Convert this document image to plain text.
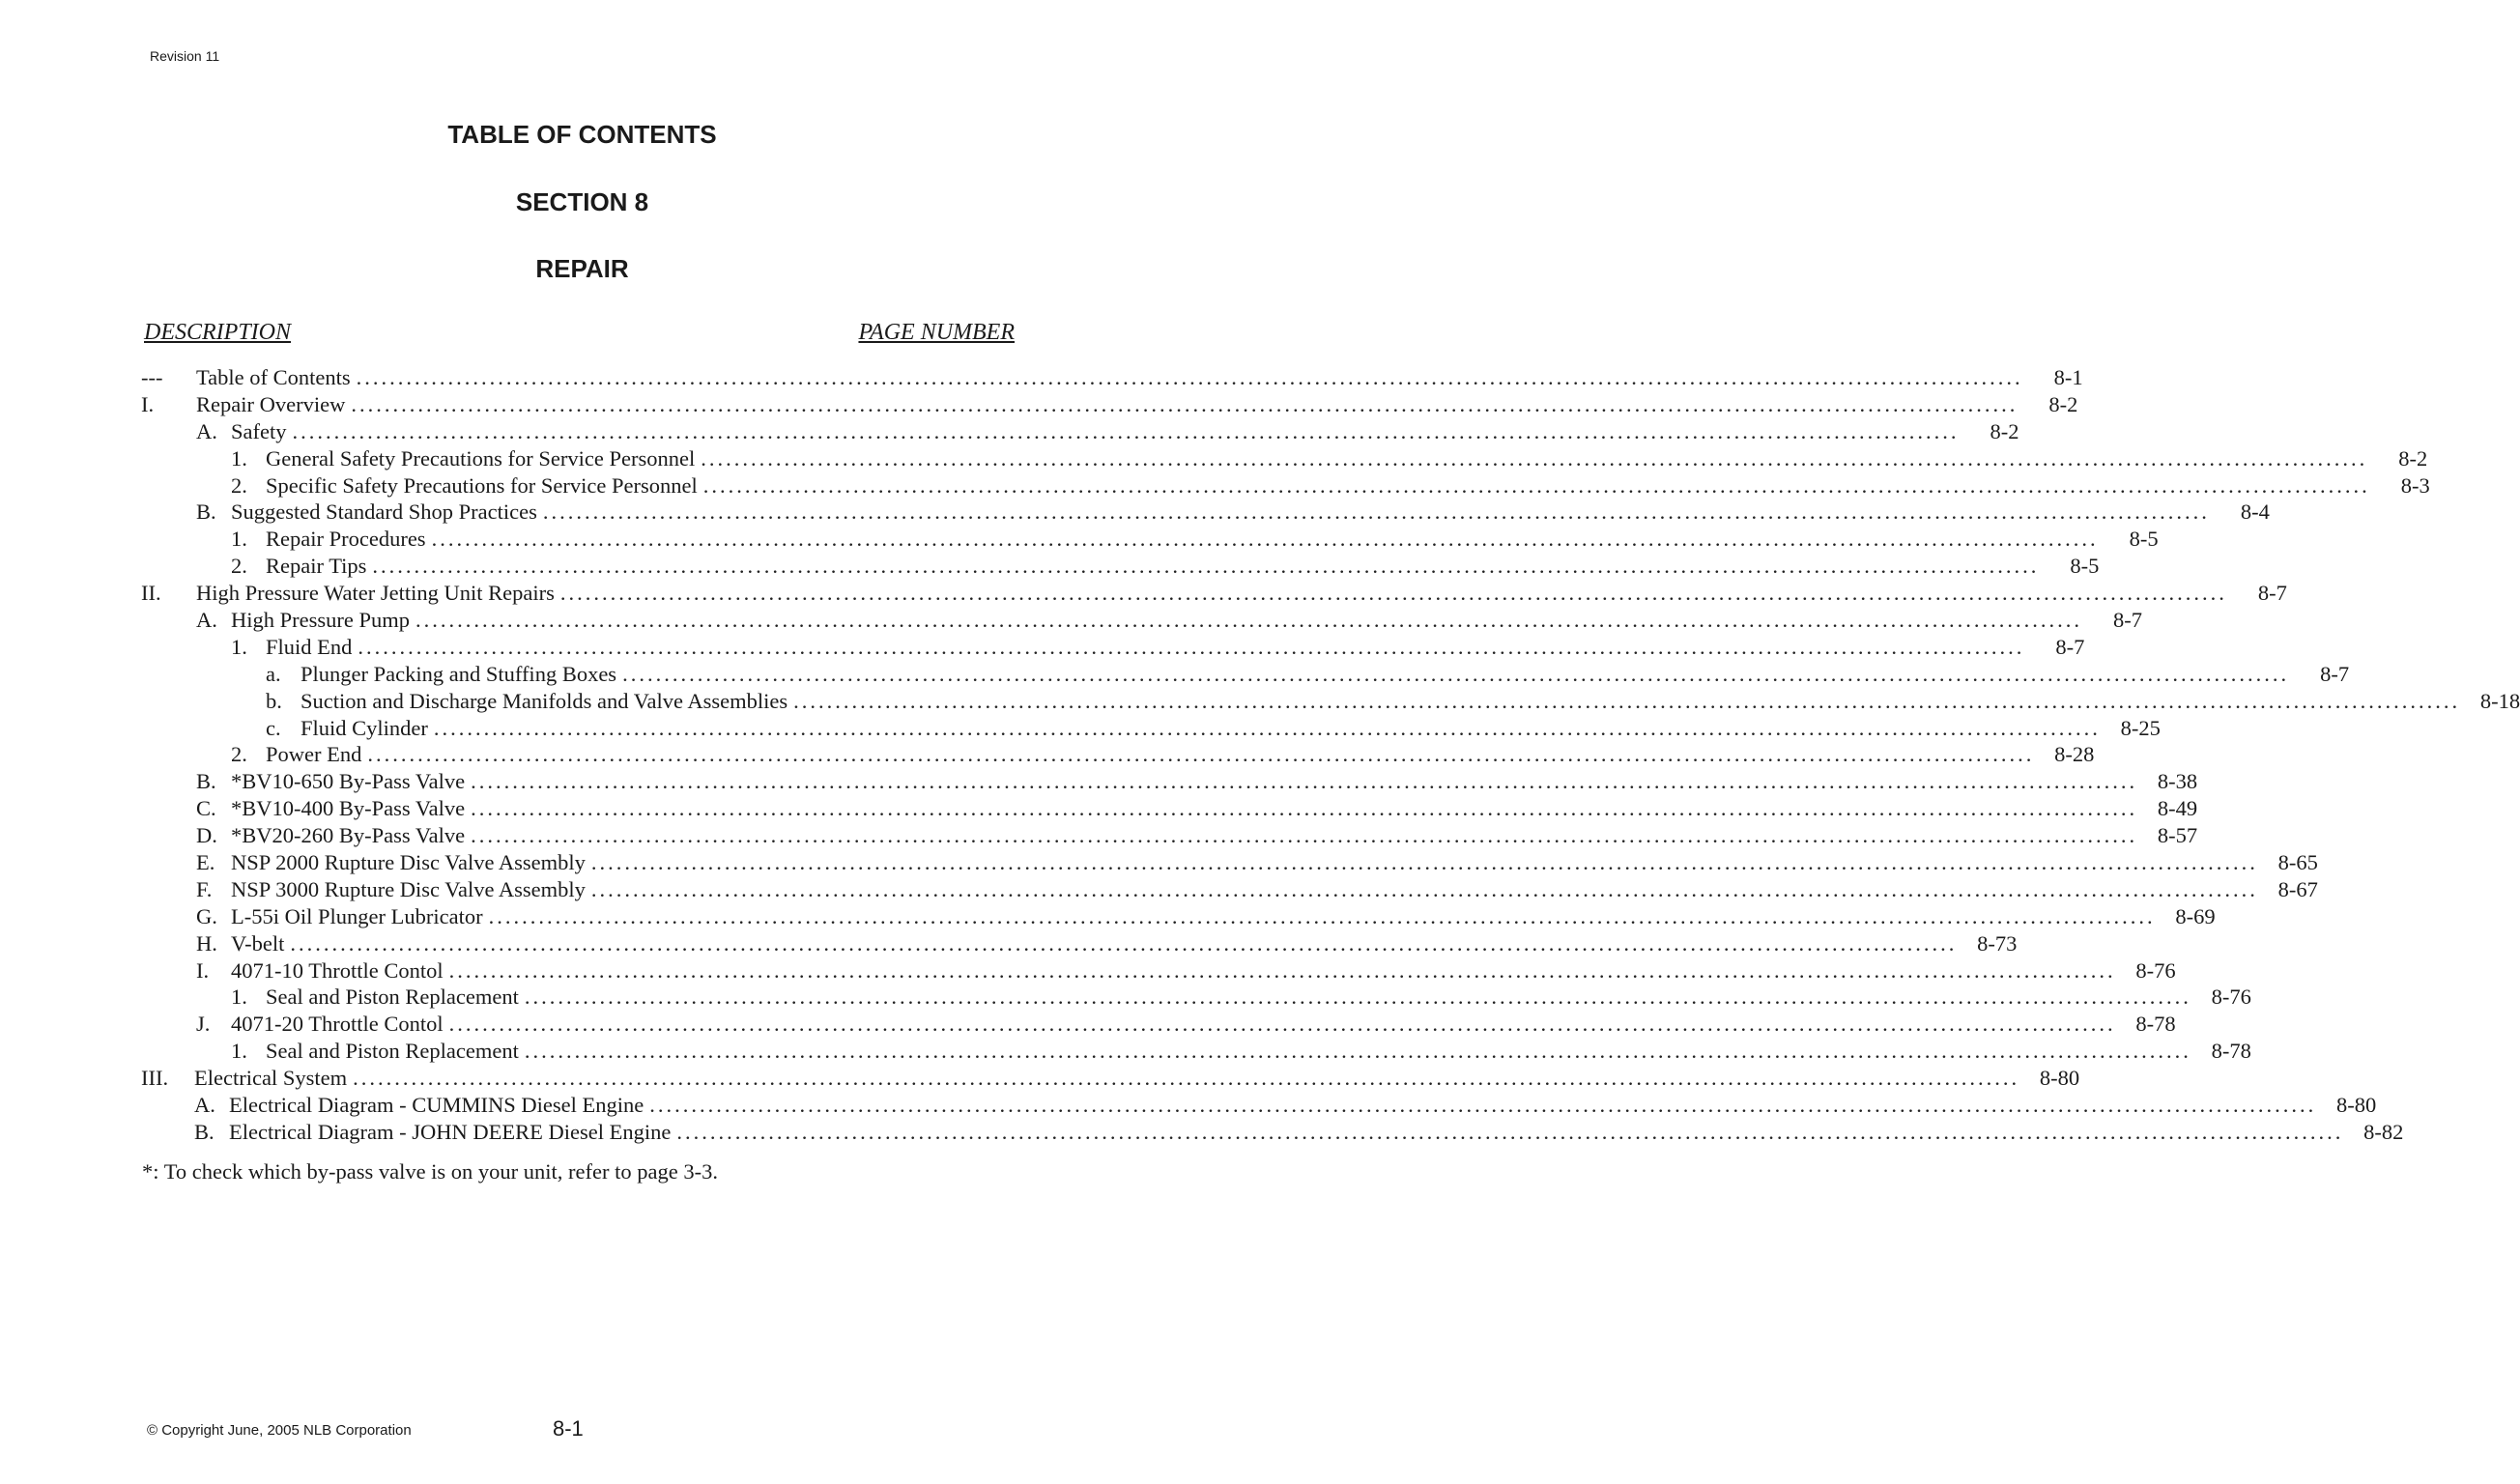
Revision 11
TABLE OF CONTENTS
SECTION 8
REPAIR
DESCRIPTION	PAGE NUMBER
---	Table of Contents ........................................................................................................................................................................................................	8-1
I.	Repair Overview ........................................................................................................................................................................................................	8-2
A. Safety ........................................................................................................................................................................................................	8-2
1. General Safety Precautions for Service Personnel ........................................................................................................................................................................................................	8-2
2. Specific Safety Precautions for Service Personnel ........................................................................................................................................................................................................	8-3
B. Suggested Standard Shop Practices ........................................................................................................................................................................................................	8-4
1. Repair Procedures ........................................................................................................................................................................................................	8-5
2. Repair Tips ........................................................................................................................................................................................................	8-5
II.	High Pressure Water Jetting Unit Repairs ........................................................................................................................................................................................................	8-7
A. High Pressure Pump ........................................................................................................................................................................................................	8-7
1. Fluid End ........................................................................................................................................................................................................	8-7
a. Plunger Packing and Stuffing Boxes ........................................................................................................................................................................................................	8-7
b. Suction and Discharge Manifolds and Valve Assemblies ........................................................................................................................................................................................................ 8-18
c. Fluid Cylinder ........................................................................................................................................................................................................ 8-25
2. Power End ........................................................................................................................................................................................................ 8-28
B. *BV10-650 By-Pass Valve ........................................................................................................................................................................................................ 8-38
C. *BV10-400 By-Pass Valve ........................................................................................................................................................................................................ 8-49
D. *BV20-260 By-Pass Valve ........................................................................................................................................................................................................ 8-57
E. NSP 2000 Rupture Disc Valve Assembly ........................................................................................................................................................................................................ 8-65
F. NSP 3000 Rupture Disc Valve Assembly ........................................................................................................................................................................................................ 8-67
G. L-55i Oil Plunger Lubricator ........................................................................................................................................................................................................ 8-69
H. V-belt ........................................................................................................................................................................................................ 8-73
I.	4071-10 Throttle Contol ........................................................................................................................................................................................................ 8-76
1. Seal and Piston Replacement ........................................................................................................................................................................................................ 8-76
J. 4071-20 Throttle Contol ........................................................................................................................................................................................................ 8-78
1. Seal and Piston Replacement ........................................................................................................................................................................................................ 8-78
III.	Electrical System ........................................................................................................................................................................................................ 8-80
A. Electrical Diagram - CUMMINS Diesel Engine ........................................................................................................................................................................................................ 8-80
B. Electrical Diagram - JOHN DEERE Diesel Engine ........................................................................................................................................................................................................ 8-82
*: To check which by-pass valve is on your unit, refer to page 3-3.
© Copyright June, 2005 NLB Corporation	8-1
